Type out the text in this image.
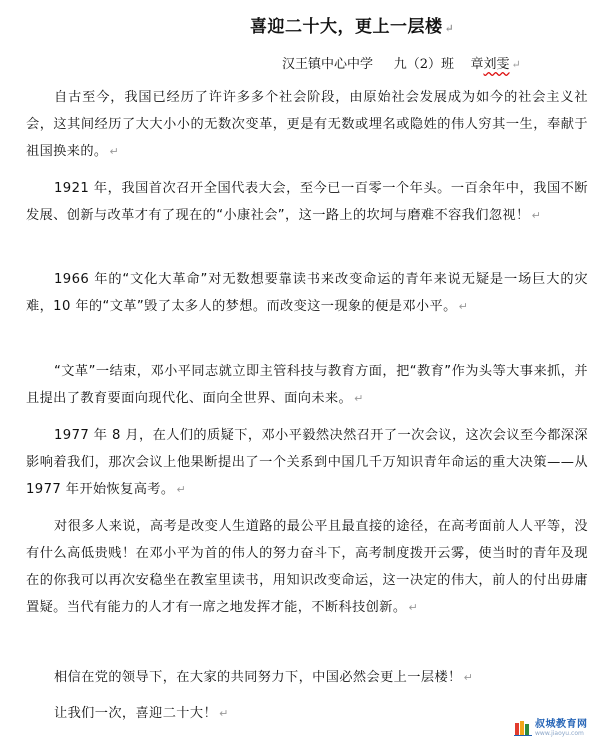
喜迎二十大，更上一层楼 ↵
汉王镇中心中学 九（2）班 章刘雯 ↵

自古至今，我国已经历了许许多多个社会阶段，由原始社会发展成为如今的社会主义社会，这其间经历了大大小小的无数次变革，更是有无数或埋名或隐姓的伟人穷其一生，奉献于祖国换来的。 ↵

1921 年，我国首次召开全国代表大会，至今已一百零一个年头。一百余年中，我国不断发展、创新与改革才有了现在的“小康社会”，这一路上的坎坷与磨难不容我们忽视！ ↵

1966 年的“文化大革命”对无数想要靠读书来改变命运的青年来说无疑是一场巨大的灾难，10 年的“文革”毁了太多人的梦想。而改变这一现象的便是邓小平。 ↵

“文革”一结束，邓小平同志就立即主管科技与教育方面，把“教育”作为头等大事来抓，并且提出了教育要面向现代化、面向全世界、面向未来。 ↵

1977 年 8 月，在人们的质疑下，邓小平毅然决然召开了一次会议，这次会议至今都深深影响着我们，那次会议上他果断提出了一个关系到中国几千万知识青年命运的重大决策——从 1977 年开始恢复高考。 ↵

对很多人来说，高考是改变人生道路的最公平且最直接的途径，在高考面前人人平等，没有什么高低贵贱！在邓小平为首的伟人的努力奋斗下，高考制度拨开云雾，使当时的青年及现在的你我可以再次安稳坐在教室里读书，用知识改变命运，这一决定的伟大，前人的付出毋庸置疑。当代有能力的人才有一席之地发挥才能，不断科技创新。 ↵

相信在党的领导下，在大家的共同努力下，中国必然会更上一层楼！ ↵

让我们一次，喜迎二十大！ ↵

叔城教育网
www.jiaoyu.com
